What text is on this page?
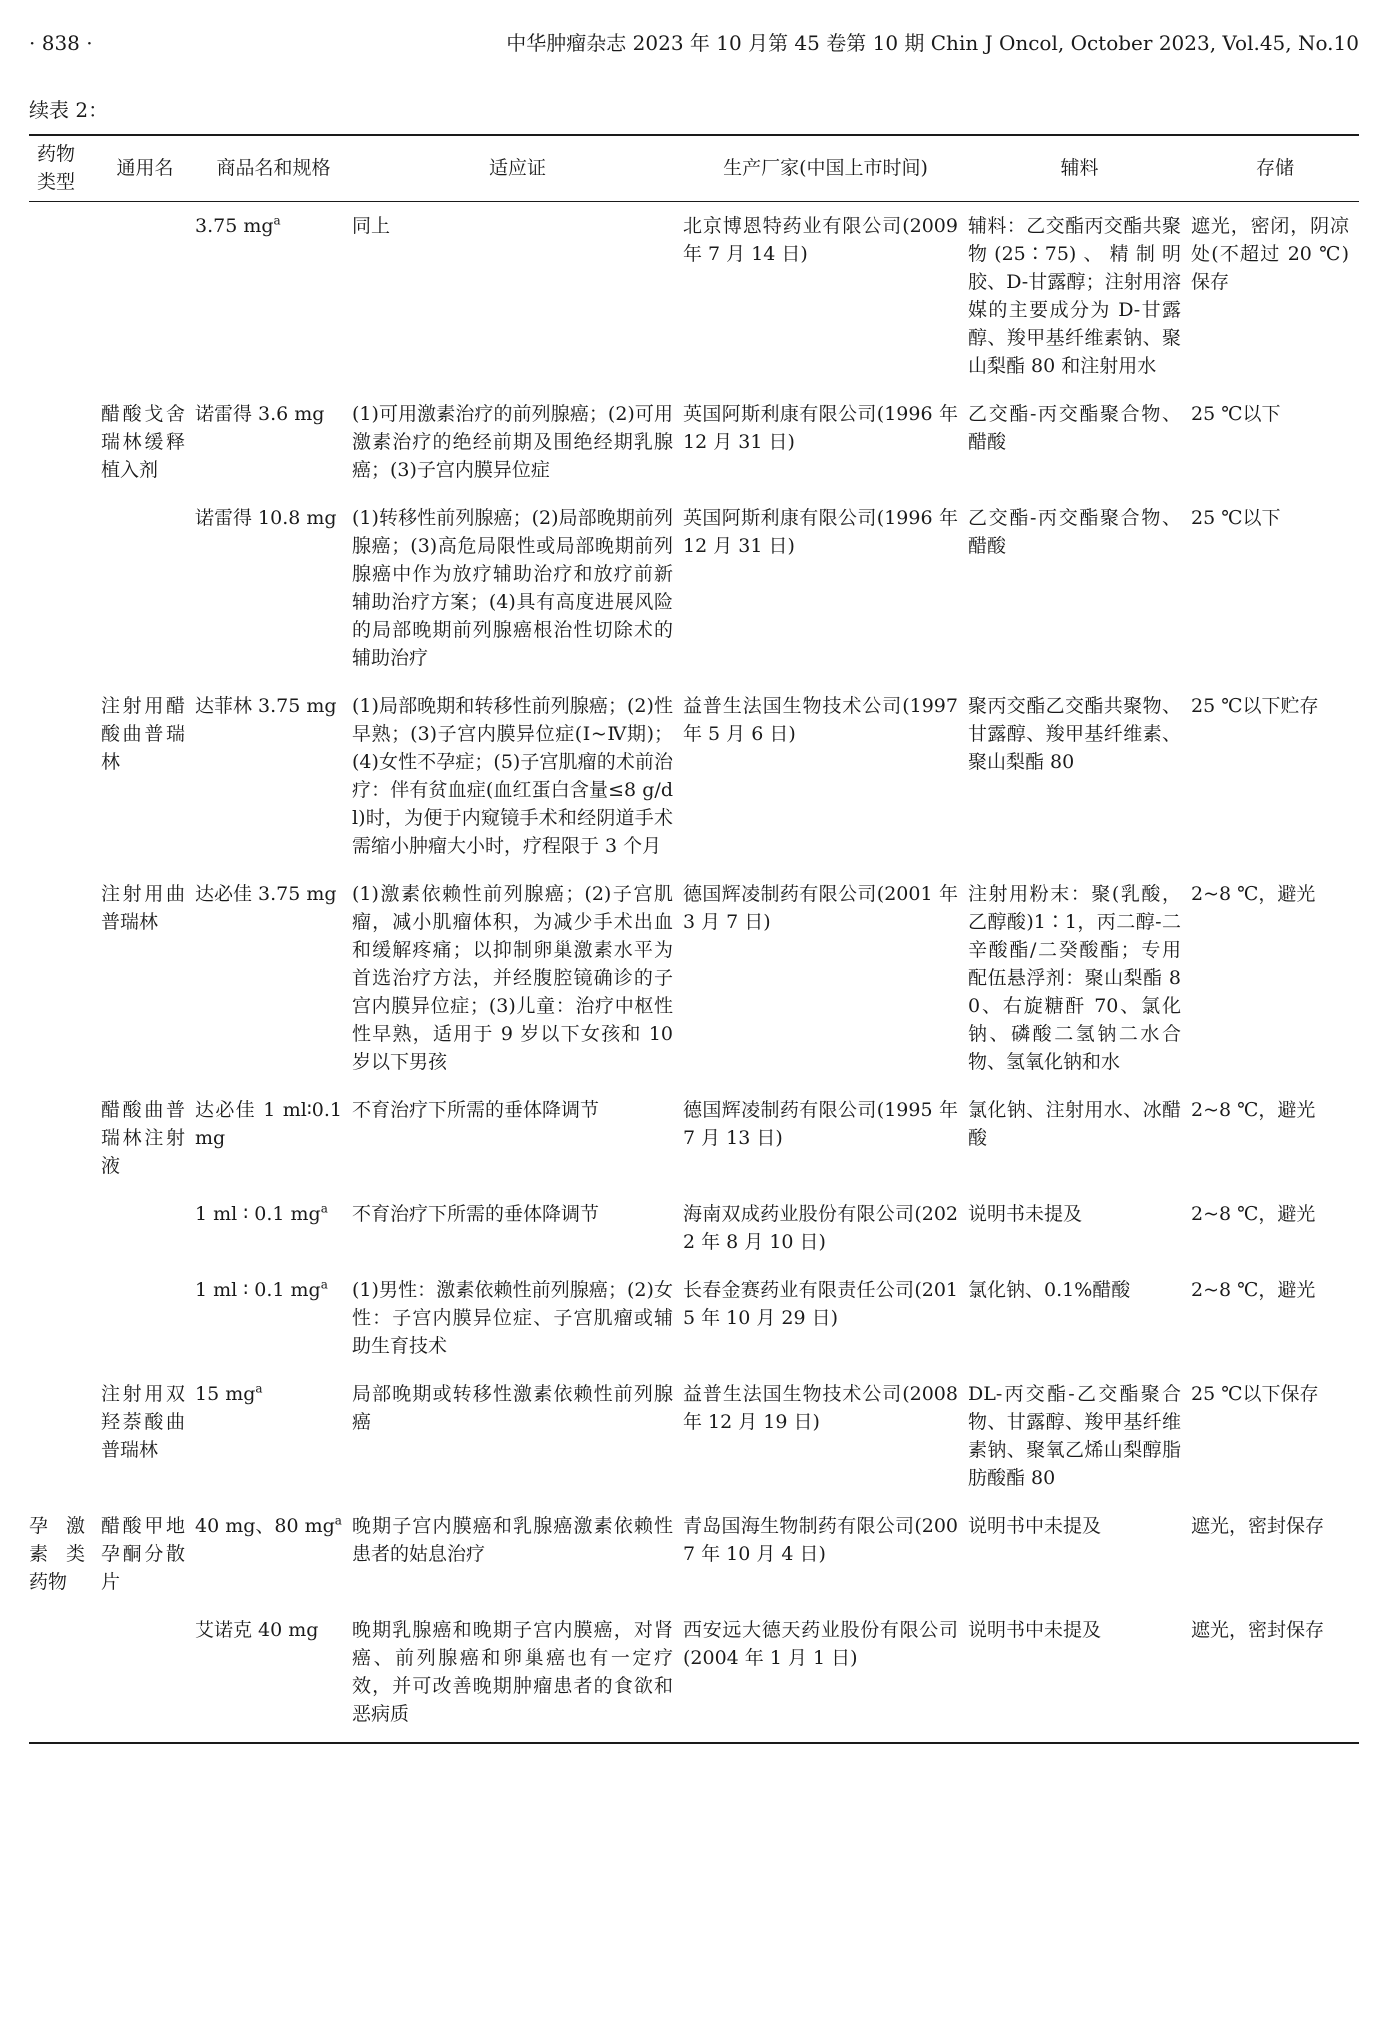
· 838 ·	中华肿瘤杂志 2023 年 10 月第 45 卷第 10 期 Chin J Oncol, October 2023, Vol.45, No.10
续表 2：
药物类型	通用名	商品名和规格	适应证	生产厂家(中国上市时间)	辅料	存储
		3.75 $mg^a$	同上	北京博恩特药业有限公司(2009 年 7 月 14 日)	辅料：乙交酯丙交酯共聚物(25∶75)、精制明胶、D-甘露醇；注射用溶媒的主要成分为 D-甘露醇、羧甲基纤维素钠、聚山梨酯 80 和注射用水	遮光，密闭，阴凉处(不超过 20 ℃)保存
	醋酸戈舍瑞林缓释植入剂	诺雷得 3.6 mg	(1)可用激素治疗的前列腺癌；(2)可用激素治疗的绝经前期及围绝经期乳腺癌；(3)子宫内膜异位症	英国阿斯利康有限公司(1996 年 12 月 31 日)	乙交酯-丙交酯聚合物、醋酸	25 ℃以下
		诺雷得 10.8 mg	(1)转移性前列腺癌；(2)局部晚期前列腺癌；(3)高危局限性或局部晚期前列腺癌中作为放疗辅助治疗和放疗前新辅助治疗方案；(4)具有高度进展风险的局部晚期前列腺癌根治性切除术的辅助治疗	英国阿斯利康有限公司(1996 年 12 月 31 日)	乙交酯-丙交酯聚合物、醋酸	25 ℃以下
	注射用醋酸曲普瑞林	达菲林 3.75 mg	(1)局部晚期和转移性前列腺癌；(2)性早熟；(3)子宫内膜异位症(Ⅰ~Ⅳ期)；(4)女性不孕症；(5)子宫肌瘤的术前治疗：伴有贫血症(血红蛋白含量≤8 g/dl)时，为便于内窥镜手术和经阴道手术需缩小肿瘤大小时，疗程限于 3 个月	益普生法国生物技术公司(1997 年 5 月 6 日)	聚丙交酯乙交酯共聚物、甘露醇、羧甲基纤维素、聚山梨酯 80	25 ℃以下贮存
	注射用曲普瑞林	达必佳 3.75 mg	(1)激素依赖性前列腺癌；(2)子宫肌瘤，减小肌瘤体积，为减少手术出血和缓解疼痛；以抑制卵巢激素水平为首选治疗方法，并经腹腔镜确诊的子宫内膜异位症；(3)儿童：治疗中枢性性早熟，适用于 9 岁以下女孩和 10 岁以下男孩	德国辉凌制药有限公司(2001 年 3 月 7 日)	注射用粉末：聚(乳酸，乙醇酸)1∶1，丙二醇-二辛酸酯/二癸酸酯；专用配伍悬浮剂：聚山梨酯 80、右旋糖酐 70、氯化钠、磷酸二氢钠二水合物、氢氧化钠和水	2~8 ℃，避光
	醋酸曲普瑞林注射液	达必佳 1 ml∶0.1 mg	不育治疗下所需的垂体降调节	德国辉凌制药有限公司(1995 年 7 月 13 日)	氯化钠、注射用水、冰醋酸	2~8 ℃，避光
		1 ml ∶ 0.1 $mg^a$	不育治疗下所需的垂体降调节	海南双成药业股份有限公司(2022 年 8 月 10 日)	说明书未提及	2~8 ℃，避光
		1 ml ∶ 0.1 $mg^a$	(1)男性：激素依赖性前列腺癌；(2)女性：子宫内膜异位症、子宫肌瘤或辅助生育技术	长春金赛药业有限责任公司(2015 年 10 月 29 日)	氯化钠、0.1%醋酸	2~8 ℃，避光
	注射用双羟萘酸曲普瑞林	15 $mg^a$	局部晚期或转移性激素依赖性前列腺癌	益普生法国生物技术公司(2008 年 12 月 19 日)	DL-丙交酯-乙交酯聚合物、甘露醇、羧甲基纤维素钠、聚氧乙烯山梨醇脂肪酸酯 80	25 ℃以下保存
孕激素类药物	醋酸甲地孕酮分散片	40 mg、80 $mg^a$	晚期子宫内膜癌和乳腺癌激素依赖性患者的姑息治疗	青岛国海生物制药有限公司(2007 年 10 月 4 日)	说明书中未提及	遮光，密封保存
		艾诺克 40 mg	晚期乳腺癌和晚期子宫内膜癌，对肾癌、前列腺癌和卵巢癌也有一定疗效，并可改善晚期肿瘤患者的食欲和恶病质	西安远大德天药业股份有限公司(2004 年 1 月 1 日)	说明书中未提及	遮光，密封保存
